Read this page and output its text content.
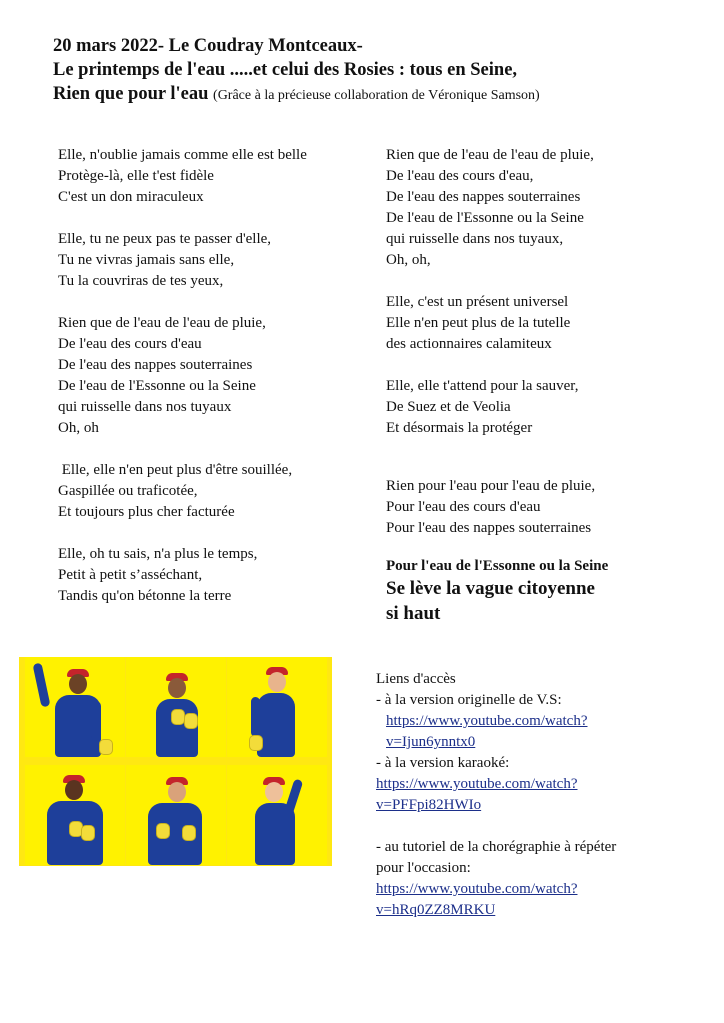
20 mars 2022- Le Coudray Montceaux-
Le printemps de l'eau .....et celui des Rosies : tous en Seine,
Rien que pour l'eau (Grâce à la précieuse collaboration de Véronique Samson)
Elle, n'oublie jamais comme elle est belle
Protège-là, elle t'est fidèle
C'est un don miraculeux
Elle, tu ne peux pas te passer d'elle,
Tu ne vivras jamais sans elle,
Tu la couvriras de tes yeux,
Rien que de l'eau de l'eau de pluie,
De l'eau des cours d'eau
De l'eau des nappes souterraines
De l'eau de l'Essonne ou la Seine
qui ruisselle dans nos tuyaux
Oh, oh
Elle, elle n'en peut plus d'être souillée,
Gaspillée ou traficotée,
Et toujours plus cher facturée
Elle, oh tu sais, n'a plus le temps,
Petit à petit s’asséchant,
Tandis qu'on bétonne la terre
Rien que de l'eau de l'eau de pluie,
De l'eau des cours d'eau,
De l'eau des nappes souterraines
De l'eau de l'Essonne ou la Seine
qui ruisselle dans nos tuyaux,
Oh, oh,
Elle, c'est un présent universel
Elle n'en peut plus de la tutelle
des actionnaires calamiteux
Elle, elle t'attend pour la sauver,
De Suez et de Veolia
Et désormais la protéger
Rien pour l'eau pour l'eau de pluie,
Pour l'eau des cours d'eau
Pour l'eau des nappes souterraines
Pour l'eau de l'Essonne ou la Seine
Se lève la vague citoyenne
si haut
Liens d'accès
- à la version originelle de V.S:
https://www.youtube.com/watch?
v=Ijun6ynntx0
- à la version karaoké:
https://www.youtube.com/watch?
v=PFFpi82HWIo
- au tutoriel de la chorégraphie à répéter
pour l'occasion:
https://www.youtube.com/watch?
v=hRq0ZZ8MRKU
